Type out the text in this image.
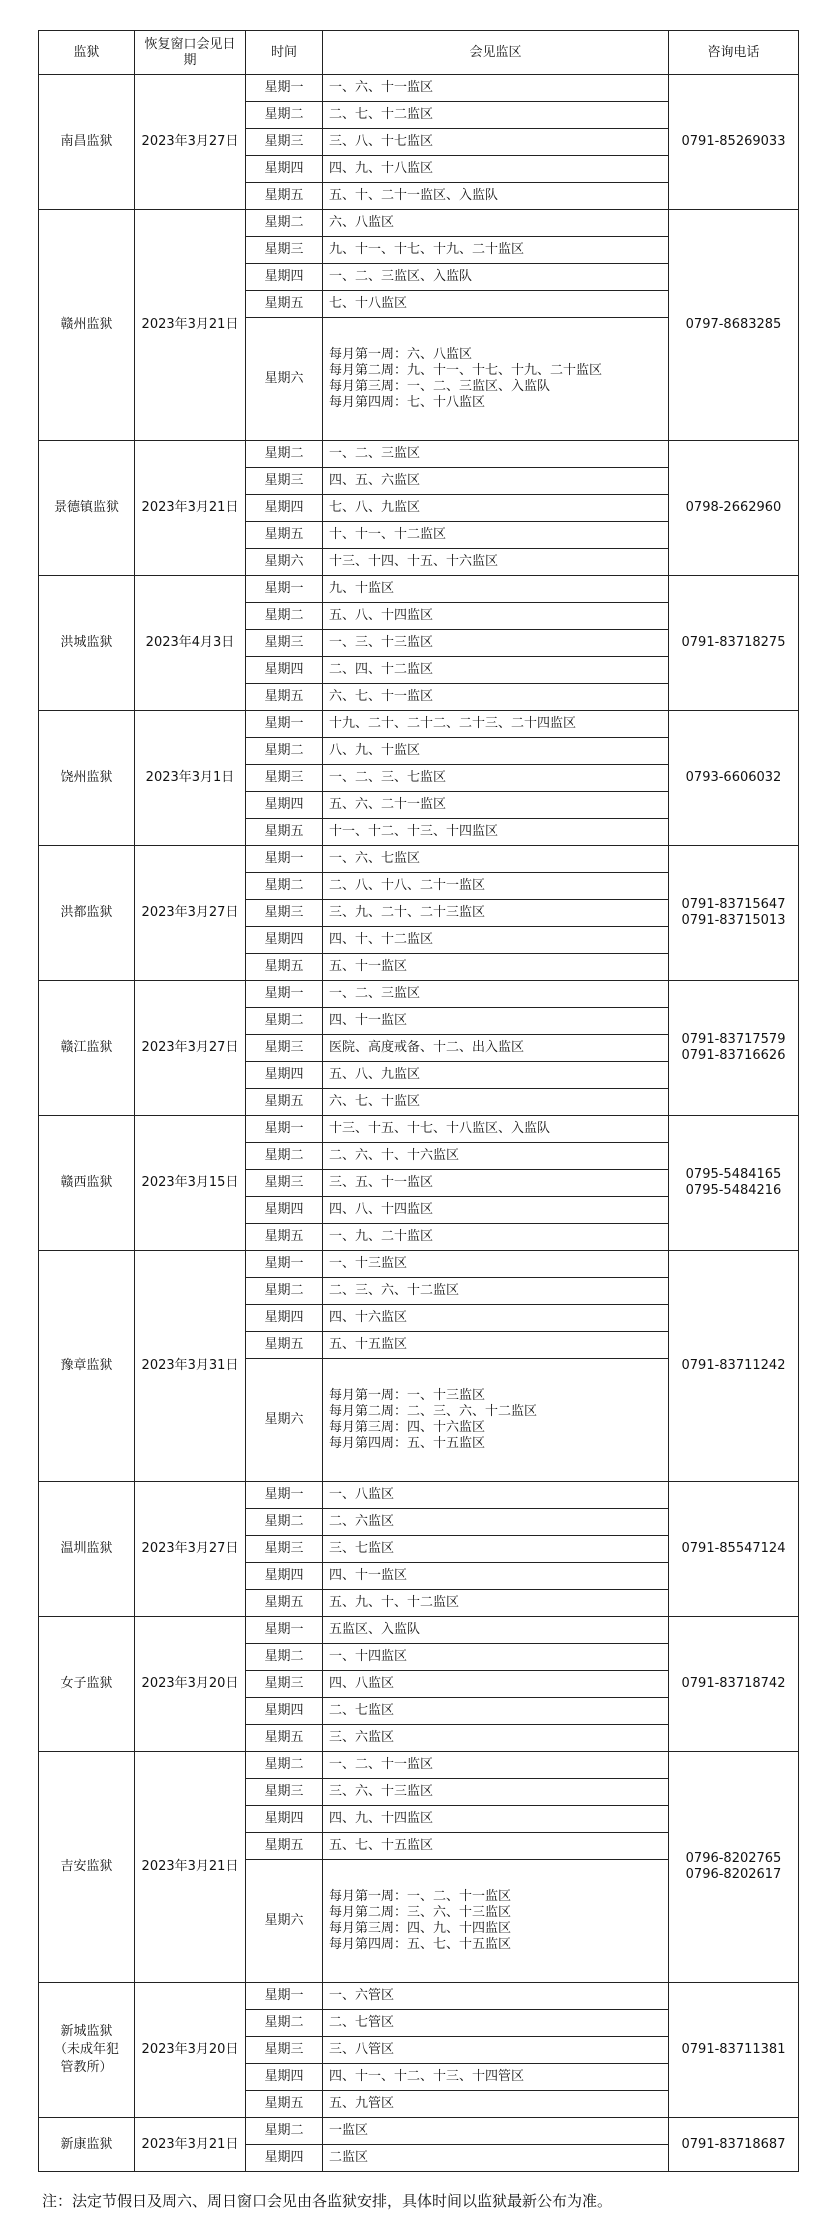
监狱	恢复窗口会见日期	时间	会见监区	咨询电话

南昌监狱	2023年3月27日	星期一	一、六、十一监区	0791-85269033

		星期二	二、七、十二监区	

		星期三	三、八、十七监区	

		星期四	四、九、十八监区	

		星期五	五、十、二十一监区、入监队	

赣州监狱	2023年3月21日	星期二	六、八监区	0797-8683285

		星期三	九、十一、十七、十九、二十监区	

		星期四	一、二、三监区、入监队	

		星期五	七、十八监区	

		星期六	每月第一周：六、八监区
每月第二周：九、十一、十七、十九、二十监区
每月第三周：一、二、三监区、入监队
每月第四周：七、十八监区	

景德镇监狱	2023年3月21日	星期二	一、二、三监区	0798-2662960

		星期三	四、五、六监区	

		星期四	七、八、九监区	

		星期五	十、十一、十二监区	

		星期六	十三、十四、十五、十六监区	

洪城监狱	2023年4月3日	星期一	九、十监区	0791-83718275

		星期二	五、八、十四监区	

		星期三	一、三、十三监区	

		星期四	二、四、十二监区	

		星期五	六、七、十一监区	

饶州监狱	2023年3月1日	星期一	十九、二十、二十二、二十三、二十四监区	0793-6606032

		星期二	八、九、十监区	

		星期三	一、二、三、七监区	

		星期四	五、六、二十一监区	

		星期五	十一、十二、十三、十四监区	

洪都监狱	2023年3月27日	星期一	一、六、七监区	0791-83715647
0791-83715013

		星期二	二、八、十八、二十一监区	

		星期三	三、九、二十、二十三监区	

		星期四	四、十、十二监区	

		星期五	五、十一监区	

赣江监狱	2023年3月27日	星期一	一、二、三监区	0791-83717579
0791-83716626

		星期二	四、十一监区	

		星期三	医院、高度戒备、十二、出入监区	

		星期四	五、八、九监区	

		星期五	六、七、十监区	

赣西监狱	2023年3月15日	星期一	十三、十五、十七、十八监区、入监队	0795-5484165
0795-5484216

		星期二	二、六、十、十六监区	

		星期三	三、五、十一监区	

		星期四	四、八、十四监区	

		星期五	一、九、二十监区	

豫章监狱	2023年3月31日	星期一	一、十三监区	0791-83711242

		星期二	二、三、六、十二监区	

		星期四	四、十六监区	

		星期五	五、十五监区	

		星期六	每月第一周：一、十三监区
每月第二周：二、三、六、十二监区
每月第三周：四、十六监区
每月第四周：五、十五监区	

温圳监狱	2023年3月27日	星期一	一、八监区	0791-85547124

		星期二	二、六监区	

		星期三	三、七监区	

		星期四	四、十一监区	

		星期五	五、九、十、十二监区	

女子监狱	2023年3月20日	星期一	五监区、入监队	0791-83718742

		星期二	一、十四监区	

		星期三	四、八监区	

		星期四	二、七监区	

		星期五	三、六监区	

吉安监狱	2023年3月21日	星期二	一、二、十一监区	0796-8202765
0796-8202617

		星期三	三、六、十三监区	

		星期四	四、九、十四监区	

		星期五	五、七、十五监区	

		星期六	每月第一周：一、二、十一监区
每月第二周：三、六、十三监区
每月第三周：四、九、十四监区
每月第四周：五、七、十五监区	

新城监狱
（未成年犯
管教所）	2023年3月20日	星期一	一、六管区	0791-83711381

		星期二	二、七管区	

		星期三	三、八管区	

		星期四	四、十一、十二、十三、十四管区	

		星期五	五、九管区	

新康监狱	2023年3月21日	星期二	一监区	0791-83718687

		星期四	二监区	
注：法定节假日及周六、周日窗口会见由各监狱安排，具体时间以监狱最新公布为准。
